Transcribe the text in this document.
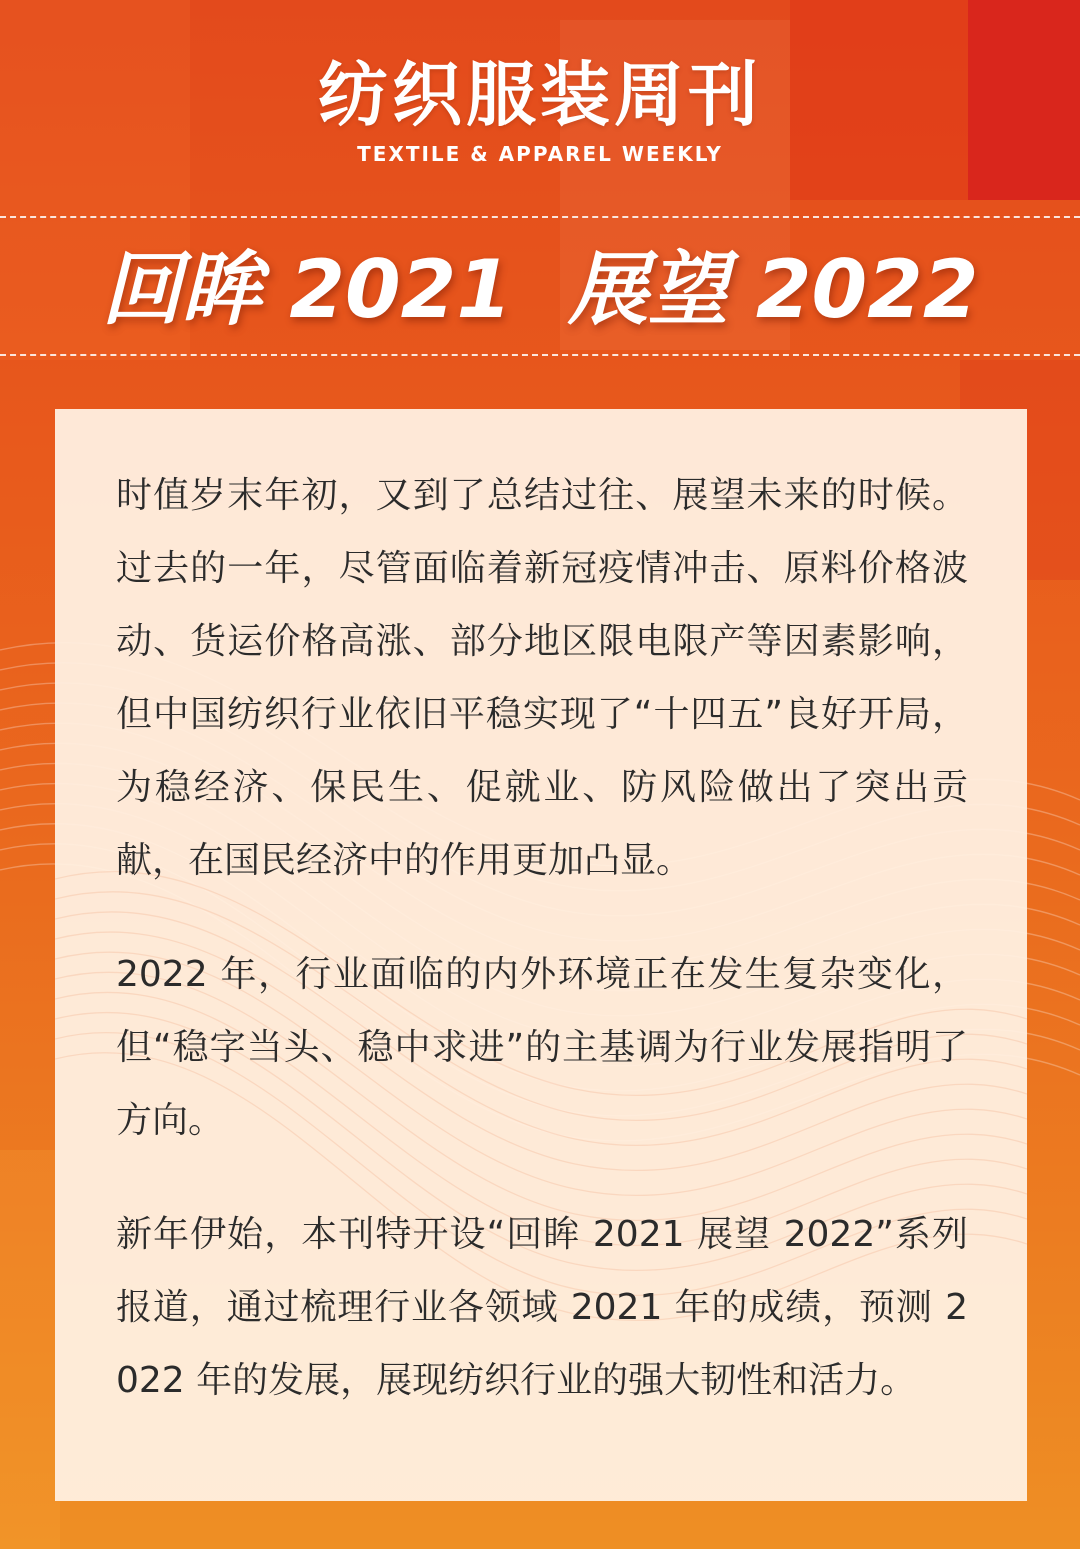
纺织服装周刊
TEXTILE & APPAREL WEEKLY
回眸 2021 展望 2022

时值岁末年初，又到了总结过往、展望未来的时候。过去的一年，尽管面临着新冠疫情冲击、原料价格波动、货运价格高涨、部分地区限电限产等因素影响，但中国纺织行业依旧平稳实现了“十四五”良好开局，为稳经济、保民生、促就业、防风险做出了突出贡献，在国民经济中的作用更加凸显。

2022 年，行业面临的内外环境正在发生复杂变化，但“稳字当头、稳中求进”的主基调为行业发展指明了方向。

新年伊始，本刊特开设“回眸 2021 展望 2022”系列报道，通过梳理行业各领域 2021 年的成绩，预测 2022 年的发展，展现纺织行业的强大韧性和活力。
